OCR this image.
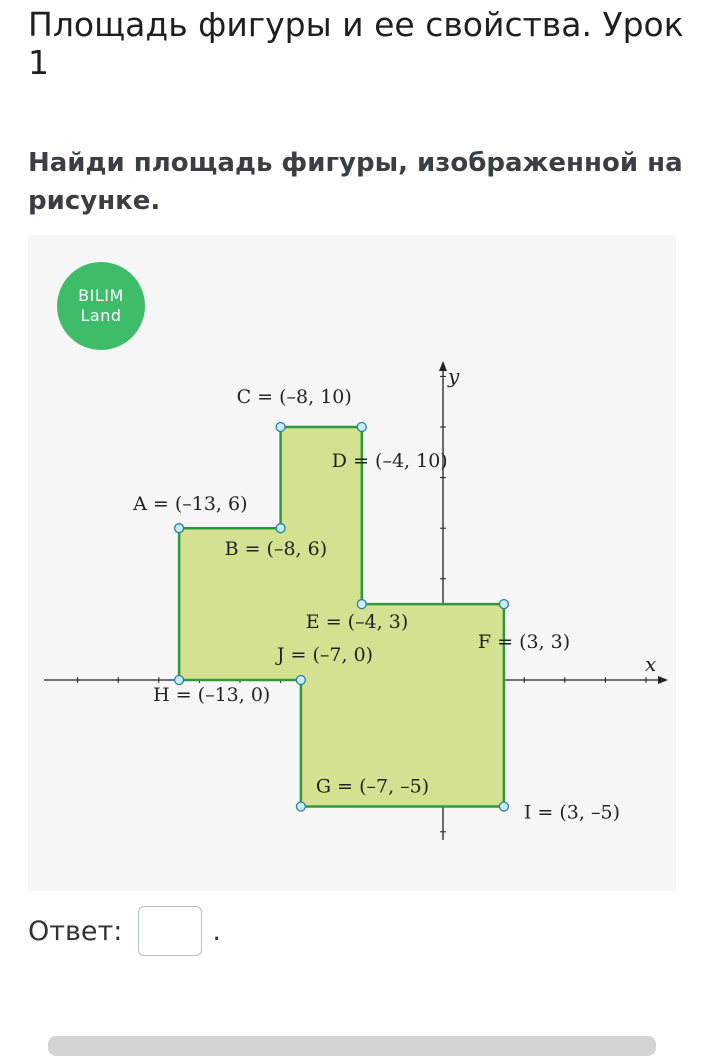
Площадь фигуры и ее свойства. Урок 1
Найди площадь фигуры, изображенной на рисунке.
BILIM
Land
x
y
A = (–13, 6)
B = (–8, 6)
C = (–8, 10)
D = (–4, 10)
E = (–4, 3)
F = (3, 3)
I = (3, –5)
G = (–7, –5)
J = (–7, 0)
H = (–13, 0)
Ответ:	.
